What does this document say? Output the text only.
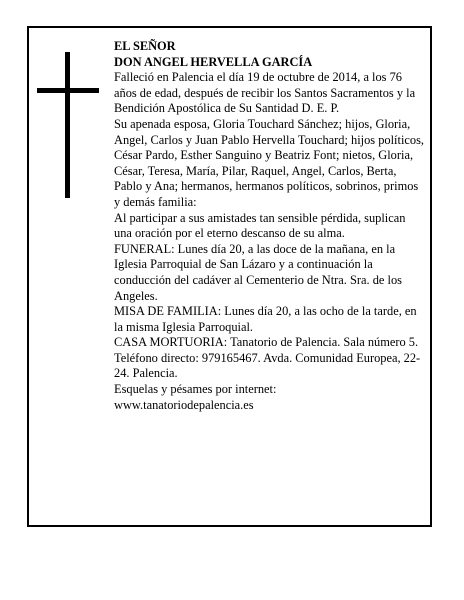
EL SEÑOR

DON ANGEL HERVELLA GARCÍA

Falleció en Palencia el día 19 de octubre de 2014, a los 76 años de edad, después de recibir los Santos Sacramentos y la Bendición Apostólica de Su Santidad D. E. P.

Su apenada esposa, Gloria Touchard Sánchez; hijos, Gloria, Angel, Carlos y Juan Pablo Hervella Touchard; hijos políticos, César Pardo, Esther Sanguino y Beatriz Font; nietos, Gloria, César, Teresa, María, Pilar, Raquel, Angel, Carlos, Berta, Pablo y Ana; hermanos, hermanos políticos, sobrinos, primos y demás familia:

Al participar a sus amistades tan sensible pérdida, suplican una oración por el eterno descanso de su alma.

FUNERAL: Lunes día 20, a las doce de la mañana, en la Iglesia Parroquial de San Lázaro y a continuación la conducción del cadáver al Cementerio de Ntra. Sra. de los Angeles.

MISA DE FAMILIA: Lunes día 20, a las ocho de la tarde, en la misma Iglesia Parroquial.

CASA MORTUORIA: Tanatorio de Palencia. Sala número 5. Teléfono directo: 979165467. Avda. Comunidad Europea, 22-24. Palencia.

Esquelas y pésames por internet:

www.tanatoriodepalencia.es
